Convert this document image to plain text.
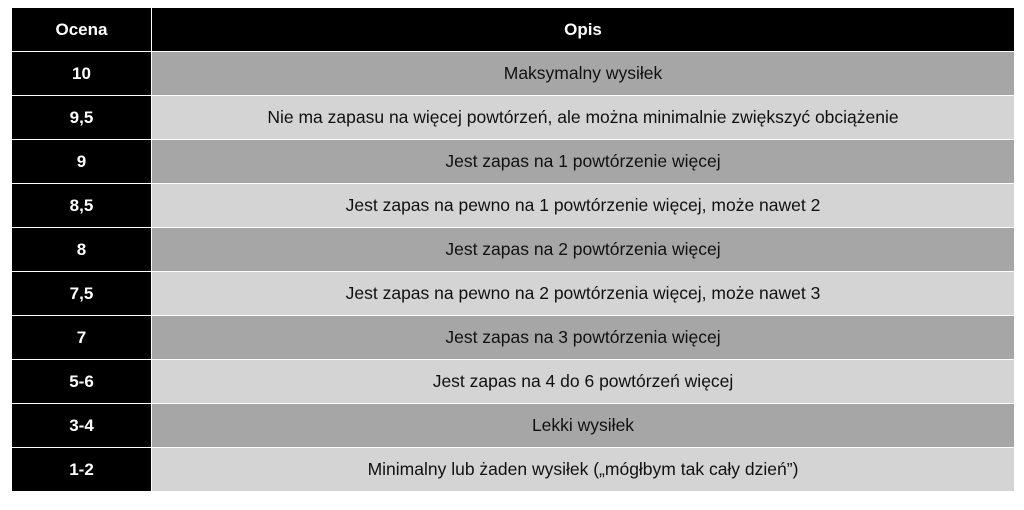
Ocena	Opis
10	Maksymalny wysiłek
9,5	Nie ma zapasu na więcej powtórzeń, ale można minimalnie zwiększyć obciążenie
9	Jest zapas na 1 powtórzenie więcej
8,5	Jest zapas na pewno na 1 powtórzenie więcej, może nawet 2
8	Jest zapas na 2 powtórzenia więcej
7,5	Jest zapas na pewno na 2 powtórzenia więcej, może nawet 3
7	Jest zapas na 3 powtórzenia więcej
5-6	Jest zapas na 4 do 6 powtórzeń więcej
3-4	Lekki wysiłek
1-2	Minimalny lub żaden wysiłek („mógłbym tak cały dzień”)
